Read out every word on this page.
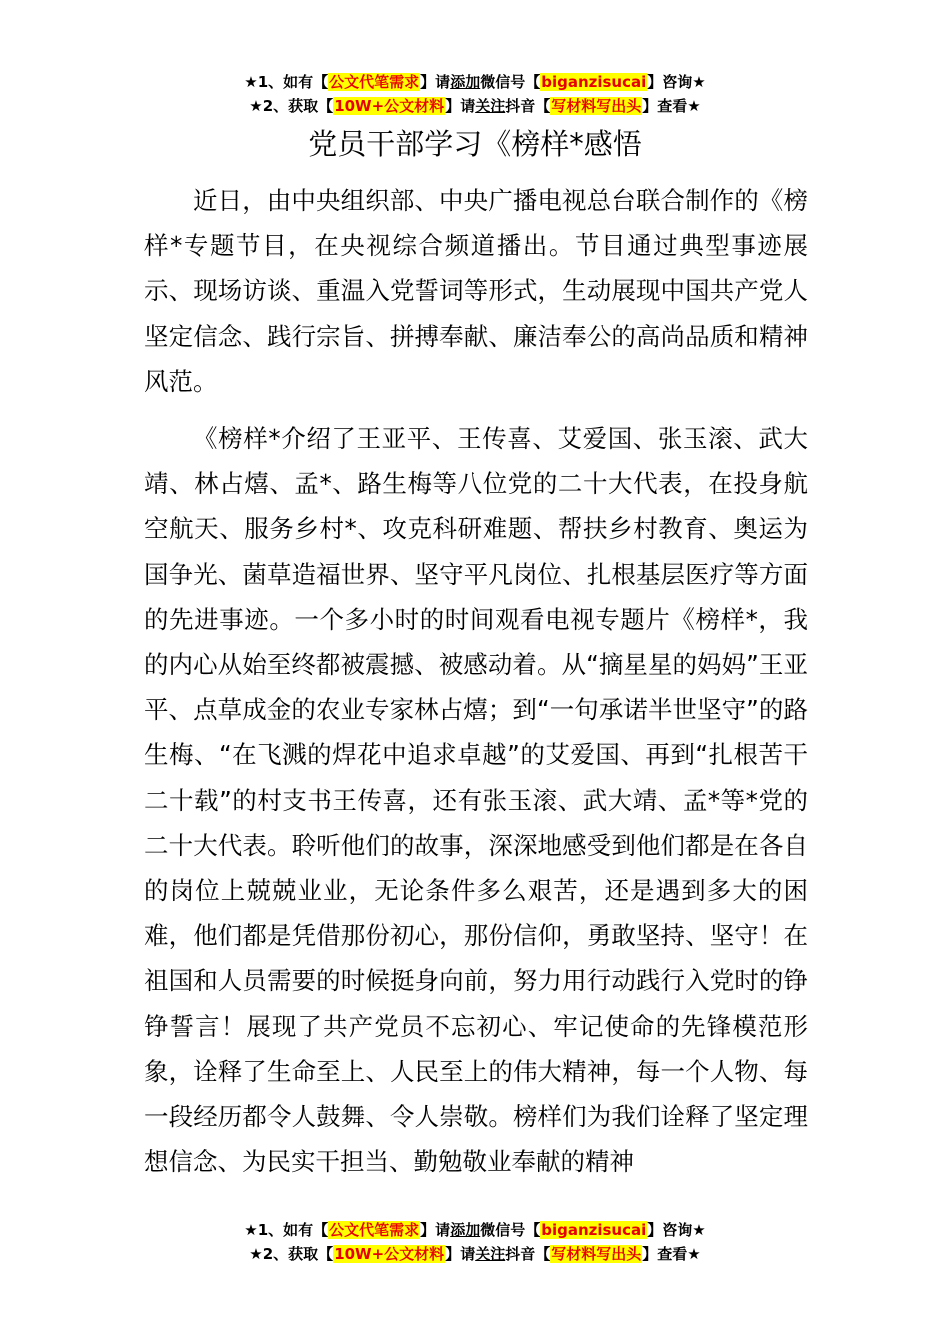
★1、如有【公文代笔需求】请添加微信号【biganzisucai】咨询★
★2、获取【10W+公文材料】请关注抖音【写材料写出头】查看★
党员干部学习《榜样*感悟

近日，由中央组织部、中央广播电视总台联合制作的《榜样*专题节目，在央视综合频道播出。节目通过典型事迹展示、现场访谈、重温入党誓词等形式，生动展现中国共产党人坚定信念、践行宗旨、拼搏奉献、廉洁奉公的高尚品质和精神风范。

《榜样*介绍了王亚平、王传喜、艾爱国、张玉滚、武大靖、林占熺、孟*、路生梅等八位党的二十大代表，在投身航空航天、服务乡村*、攻克科研难题、帮扶乡村教育、奥运为国争光、菌草造福世界、坚守平凡岗位、扎根基层医疗等方面的先进事迹。一个多小时的时间观看电视专题片《榜样*，我的内心从始至终都被震撼、被感动着。从“摘星星的妈妈”王亚平、点草成金的农业专家林占熺；到“一句承诺半世坚守”的路生梅、“在飞溅的焊花中追求卓越”的艾爱国、再到“扎根苦干二十载”的村支书王传喜，还有张玉滚、武大靖、孟*等*党的二十大代表。聆听他们的故事，深深地感受到他们都是在各自的岗位上兢兢业业，无论条件多么艰苦，还是遇到多大的困难，他们都是凭借那份初心，那份信仰，勇敢坚持、坚守！在祖国和人员需要的时候挺身向前，努力用行动践行入党时的铮铮誓言！展现了共产党员不忘初心、牢记使命的先锋模范形象，诠释了生命至上、人民至上的伟大精神，每一个人物、每一段经历都令人鼓舞、令人崇敬。榜样们为我们诠释了坚定理想信念、为民实干担当、勤勉敬业奉献的精神

★1、如有【公文代笔需求】请添加微信号【biganzisucai】咨询★
★2、获取【10W+公文材料】请关注抖音【写材料写出头】查看★
